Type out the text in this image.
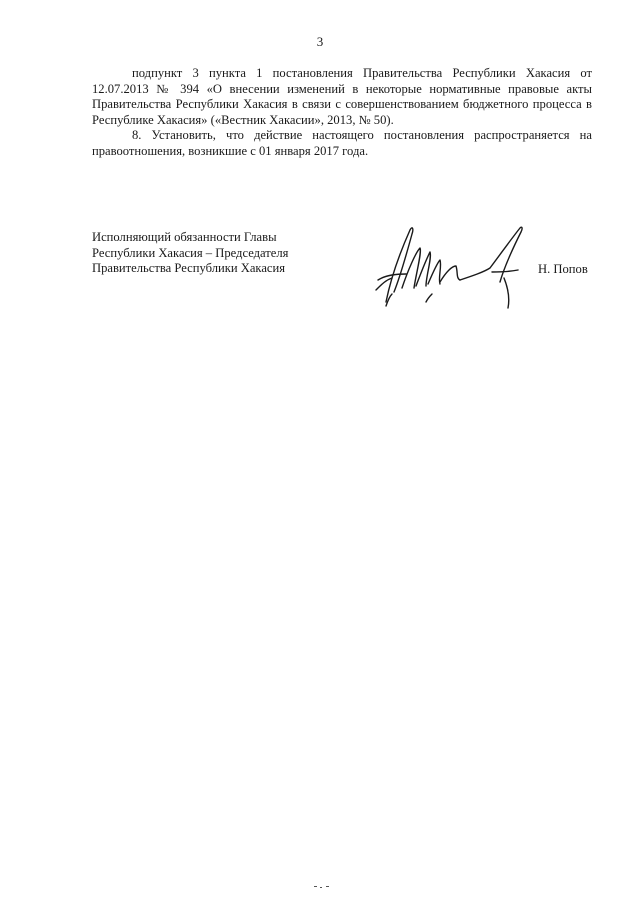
3

подпункт 3 пункта 1 постановления Правительства Республики Хакасия от 12.07.2013 № 394 «О внесении изменений в некоторые нормативные правовые акты Правительства Республики Хакасия в связи с совершенствованием бюджетного процесса в Республике Хакасия» («Вестник Хакасии», 2013, № 50).

8. Установить, что действие настоящего постановления распространяется на правоотношения, возникшие с 01 января 2017 года.

Исполняющий обязанности Главы
Республики Хакасия – Председателя
Правительства Республики Хакасия	Н. Попов
